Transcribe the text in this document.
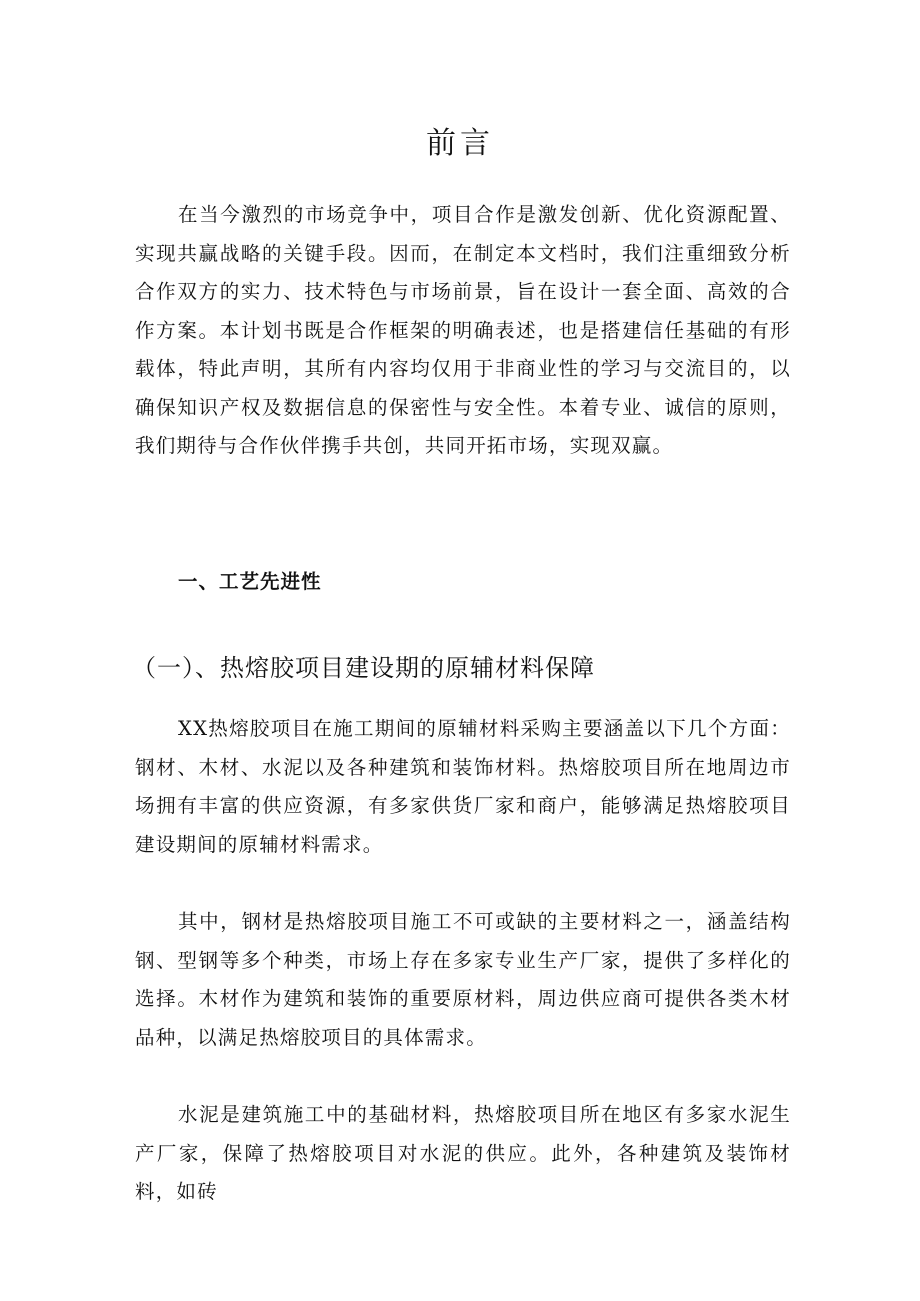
前言

在当今激烈的市场竞争中，项目合作是激发创新、优化资源配置、实现共赢战略的关键手段。因而，在制定本文档时，我们注重细致分析合作双方的实力、技术特色与市场前景，旨在设计一套全面、高效的合作方案。本计划书既是合作框架的明确表述，也是搭建信任基础的有形载体，特此声明，其所有内容均仅用于非商业性的学习与交流目的，以确保知识产权及数据信息的保密性与安全性。本着专业、诚信的原则，我们期待与合作伙伴携手共创，共同开拓市场，实现双赢。

一、工艺先进性
（一）、热熔胶项目建设期的原辅材料保障

XX热熔胶项目在施工期间的原辅材料采购主要涵盖以下几个方面：钢材、木材、水泥以及各种建筑和装饰材料。热熔胶项目所在地周边市场拥有丰富的供应资源，有多家供货厂家和商户，能够满足热熔胶项目建设期间的原辅材料需求。

其中，钢材是热熔胶项目施工不可或缺的主要材料之一，涵盖结构钢、型钢等多个种类，市场上存在多家专业生产厂家，提供了多样化的选择。木材作为建筑和装饰的重要原材料，周边供应商可提供各类木材品种，以满足热熔胶项目的具体需求。

水泥是建筑施工中的基础材料，热熔胶项目所在地区有多家水泥生产厂家，保障了热熔胶项目对水泥的供应。此外，各种建筑及装饰材料，如砖
